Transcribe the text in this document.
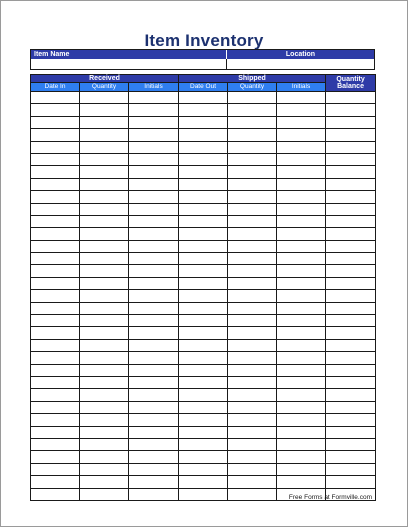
Item Inventory
Item Name	Location
Received			Shipped			Quantity Balance
Date In	Quantity	Initials	Date Out	Quantity	Initials	

Free Forms at Formville.com
